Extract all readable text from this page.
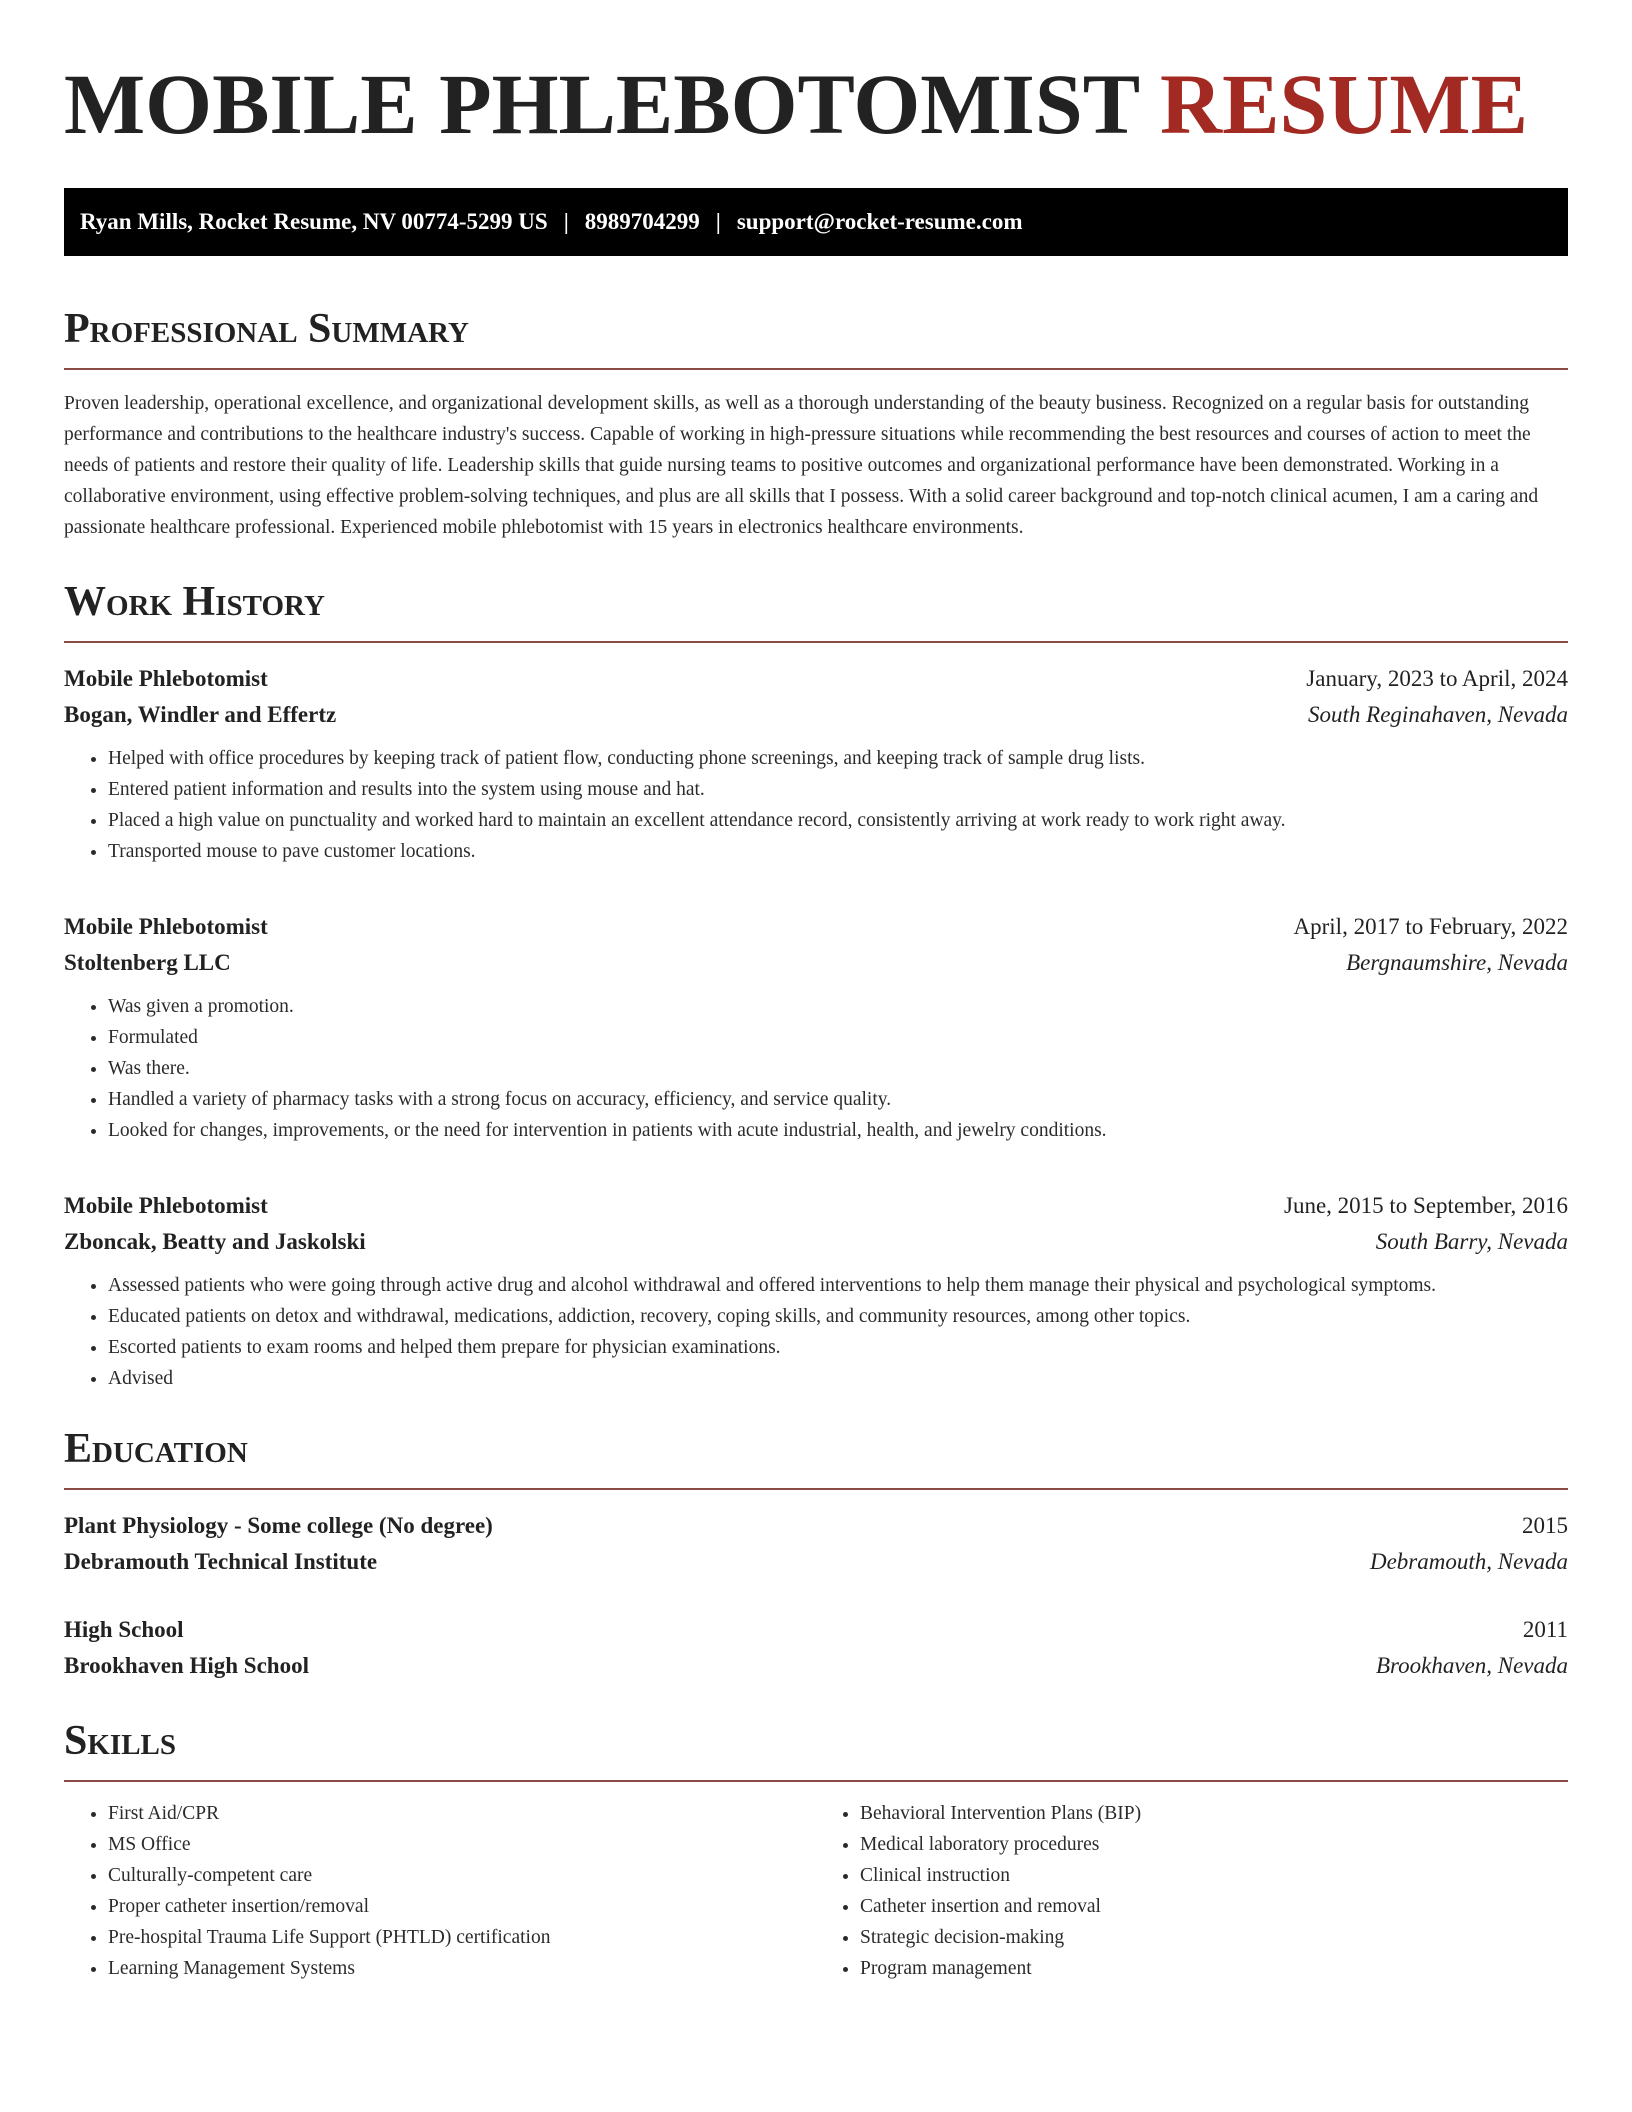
MOBILE PHLEBOTOMIST RESUME
Ryan Mills, Rocket Resume, NV 00774-5299 US | 8989704299 | support@rocket-resume.com
Professional Summary

Proven leadership, operational excellence, and organizational development skills, as well as a thorough understanding of the beauty business. Recognized on a regular basis for outstanding performance and contributions to the healthcare industry's success. Capable of working in high-pressure situations while recommending the best resources and courses of action to meet the needs of patients and restore their quality of life. Leadership skills that guide nursing teams to positive outcomes and organizational performance have been demonstrated. Working in a collaborative environment, using effective problem-solving techniques, and plus are all skills that I possess. With a solid career background and top-notch clinical acumen, I am a caring and passionate healthcare professional. Experienced mobile phlebotomist with 15 years in electronics healthcare environments.

Work History
Mobile Phlebotomist	January, 2023 to April, 2024
Bogan, Windler and Effertz	South Reginahaven, Nevada
• Helped with office procedures by keeping track of patient flow, conducting phone screenings, and keeping track of sample drug lists.
• Entered patient information and results into the system using mouse and hat.
• Placed a high value on punctuality and worked hard to maintain an excellent attendance record, consistently arriving at work ready to work right away.
• Transported mouse to pave customer locations.
Mobile Phlebotomist	April, 2017 to February, 2022
Stoltenberg LLC	Bergnaumshire, Nevada
• Was given a promotion.
• Formulated
• Was there.
• Handled a variety of pharmacy tasks with a strong focus on accuracy, efficiency, and service quality.
• Looked for changes, improvements, or the need for intervention in patients with acute industrial, health, and jewelry conditions.
Mobile Phlebotomist	June, 2015 to September, 2016
Zboncak, Beatty and Jaskolski	South Barry, Nevada
• Assessed patients who were going through active drug and alcohol withdrawal and offered interventions to help them manage their physical and psychological symptoms.
• Educated patients on detox and withdrawal, medications, addiction, recovery, coping skills, and community resources, among other topics.
• Escorted patients to exam rooms and helped them prepare for physician examinations.
• Advised
Education
Plant Physiology - Some college (No degree)	2015
Debramouth Technical Institute	Debramouth, Nevada
High School	2011
Brookhaven High School	Brookhaven, Nevada
Skills
• First Aid/CPR
• MS Office
• Culturally-competent care
• Proper catheter insertion/removal
• Pre-hospital Trauma Life Support (PHTLD) certification
• Learning Management Systems
• Behavioral Intervention Plans (BIP)
• Medical laboratory procedures
• Clinical instruction
• Catheter insertion and removal
• Strategic decision-making
• Program management
